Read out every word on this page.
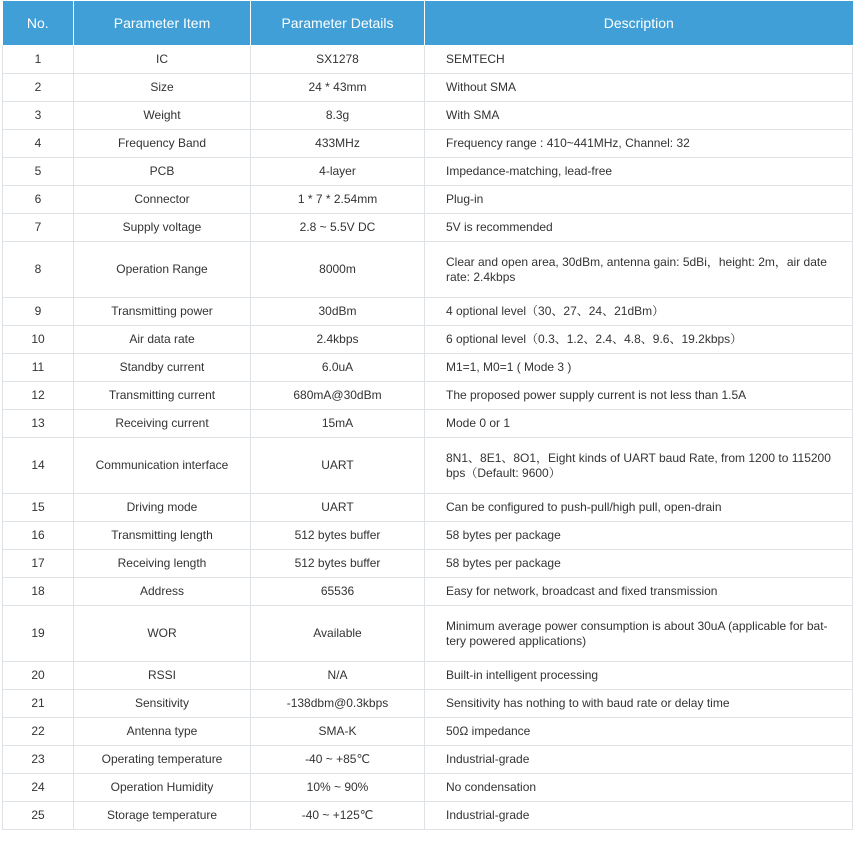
No.	Parameter Item	Parameter Details	Description
1	IC	SX1278	SEMTECH
2	Size	24 * 43mm	Without SMA
3	Weight	8.3g	With SMA
4	Frequency Band	433MHz	Frequency range : 410~441MHz, Channel: 32
5	PCB	4-layer	Impedance-matching, lead-free
6	Connector	1 * 7 * 2.54mm	Plug-in
7	Supply voltage	2.8 ~ 5.5V DC	5V is recommended
8	Operation Range	8000m	Clear and open area, 30dBm, antenna gain: 5dBi，height: 2m，air date rate: 2.4kbps
9	Transmitting power	30dBm	4 optional level（30、27、24、21dBm）
10	Air data rate	2.4kbps	6 optional level（0.3、1.2、2.4、4.8、9.6、19.2kbps）
11	Standby current	6.0uA	M1=1, M0=1 ( Mode 3 )
12	Transmitting current	680mA@30dBm	The proposed power supply current is not less than 1.5A
13	Receiving current	15mA	Mode 0 or 1
14	Communication interface	UART	8N1、8E1、8O1，Eight kinds of UART baud Rate, from 1200 to 115200 bps（Default: 9600）
15	Driving mode	UART	Can be configured to push-pull/high pull, open-drain
16	Transmitting length	512 bytes buffer	58 bytes per package
17	Receiving length	512 bytes buffer	58 bytes per package
18	Address	65536	Easy for network, broadcast and fixed transmission
19	WOR	Available	Minimum average power consumption is about 30uA (applicable for bat-tery powered applications)
20	RSSI	N/A	Built-in intelligent processing
21	Sensitivity	-138dbm@0.3kbps	Sensitivity has nothing to with baud rate or delay time
22	Antenna type	SMA-K	50Ω impedance
23	Operating temperature	-40 ~ +85℃	Industrial-grade
24	Operation Humidity	10% ~ 90%	No condensation
25	Storage temperature	-40 ~ +125℃	Industrial-grade
